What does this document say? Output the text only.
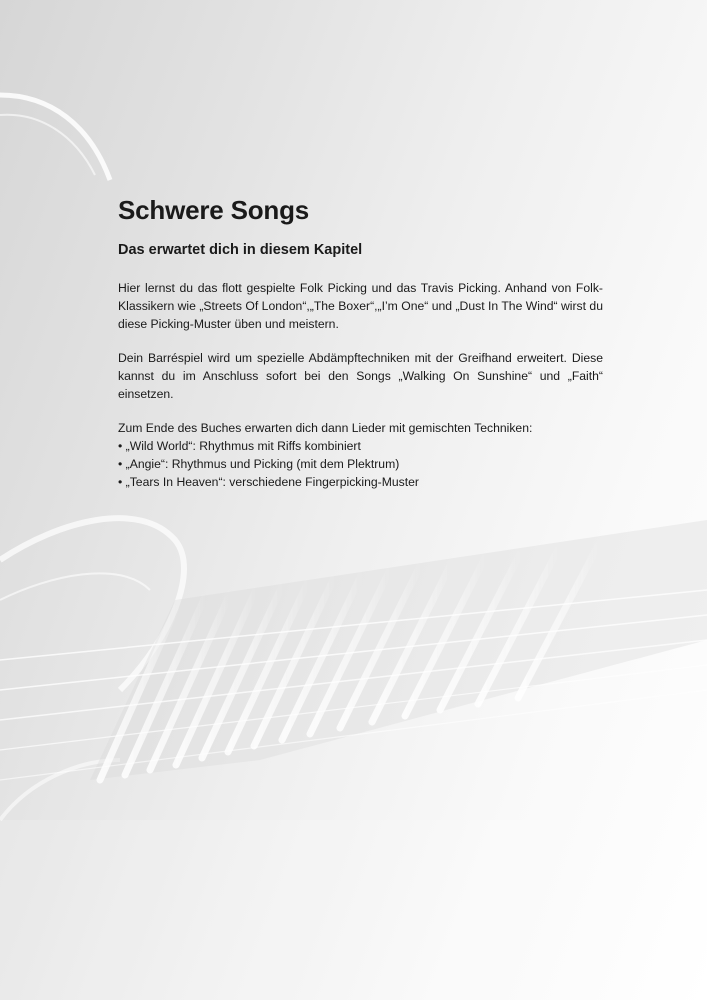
Schwere Songs
Das erwartet dich in diesem Kapitel

Hier lernst du das flott gespielte Folk Picking und das Travis Picking. Anhand von Folk-Klassikern wie „Streets Of London“,„The Boxer“,„I’m One“ und „Dust In The Wind“ wirst du diese Picking-Muster üben und meistern.

Dein Barréspiel wird um spezielle Abdämpftechniken mit der Greifhand erweitert. Diese kannst du im Anschluss sofort bei den Songs „Walking On Sunshine“ und „Faith“ einsetzen.

Zum Ende des Buches erwarten dich dann Lieder mit gemischten Techniken:

• „Wild World“: Rhythmus mit Riffs kombiniert
• „Angie“: Rhythmus und Picking (mit dem Plektrum)
• „Tears In Heaven“: verschiedene Fingerpicking-Muster
